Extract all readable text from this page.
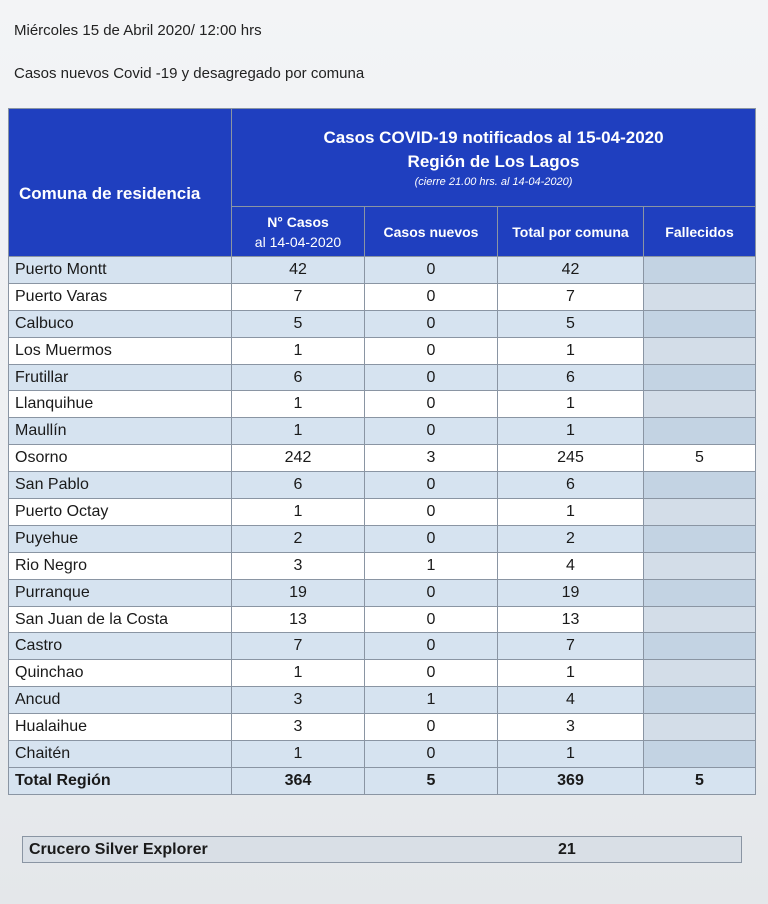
Miércoles 15 de Abril 2020/ 12:00 hrs
Casos nuevos Covid -19 y desagregado por comuna
Comuna de residencia	Casos COVID-19 notificados al 15-04-2020
Región de Los Lagos
(cierre 21.00 hrs. al 14-04-2020)			

	N° Casos
al 14-04-2020	Casos nuevos	Total por comuna	Fallecidos
Puerto Montt	42	0	42	
Puerto Varas	7	0	7	
Calbuco	5	0	5	
Los Muermos	1	0	1	
Frutillar	6	0	6	
Llanquihue	1	0	1	
Maullín	1	0	1	
Osorno	242	3	245	5
San Pablo	6	0	6	
Puerto Octay	1	0	1	
Puyehue	2	0	2	
Rio Negro	3	1	4	
Purranque	19	0	19	
San Juan de la Costa	13	0	13	
Castro	7	0	7	
Quinchao	1	0	1	
Ancud	3	1	4	
Hualaihue	3	0	3	
Chaitén	1	0	1	
Total Región	364	5	369	5
Crucero Silver Explorer	21
